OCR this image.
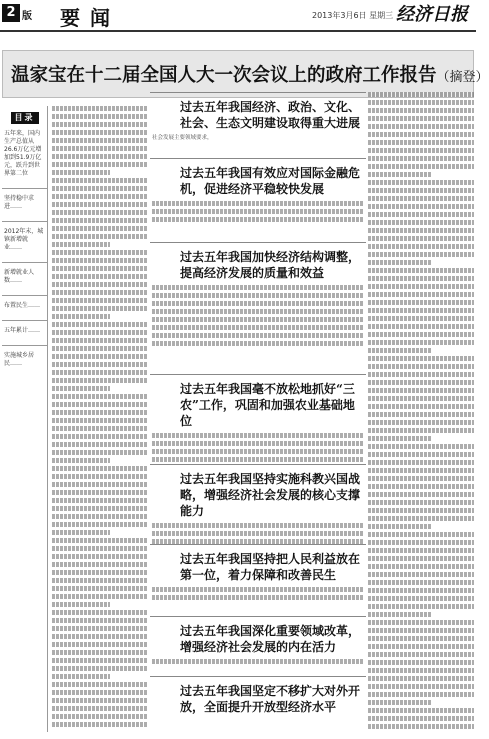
2 版 要闻	2013年3月6日 星期三 经济日报
温家宝在十二届全国人大一次会议上的政府工作报告（摘登）
目录
五年来，国内生产总值从26.6万亿元增加到51.9万亿元，跃升到世界第二位
坚持稳中求进……
2012年末，城镇新增就业……
新增就业人数……
布置民生……
五年累计……
实施城乡居民……
过去五年我国经济、政治、文化、社会、生态文明建设取得重大进展
社会发展主要领域要求，
过去五年我国有效应对国际金融危机，促进经济平稳较快发展
过去五年我国加快经济结构调整，提高经济发展的质量和效益
过去五年我国毫不放松地抓好“三农”工作，巩固和加强农业基础地位
过去五年我国坚持实施科教兴国战略，增强经济社会发展的核心支撑能力
过去五年我国坚持把人民利益放在第一位，着力保障和改善民生
过去五年我国深化重要领域改革，增强经济社会发展的内在活力
过去五年我国坚定不移扩大对外开放，全面提升开放型经济水平
